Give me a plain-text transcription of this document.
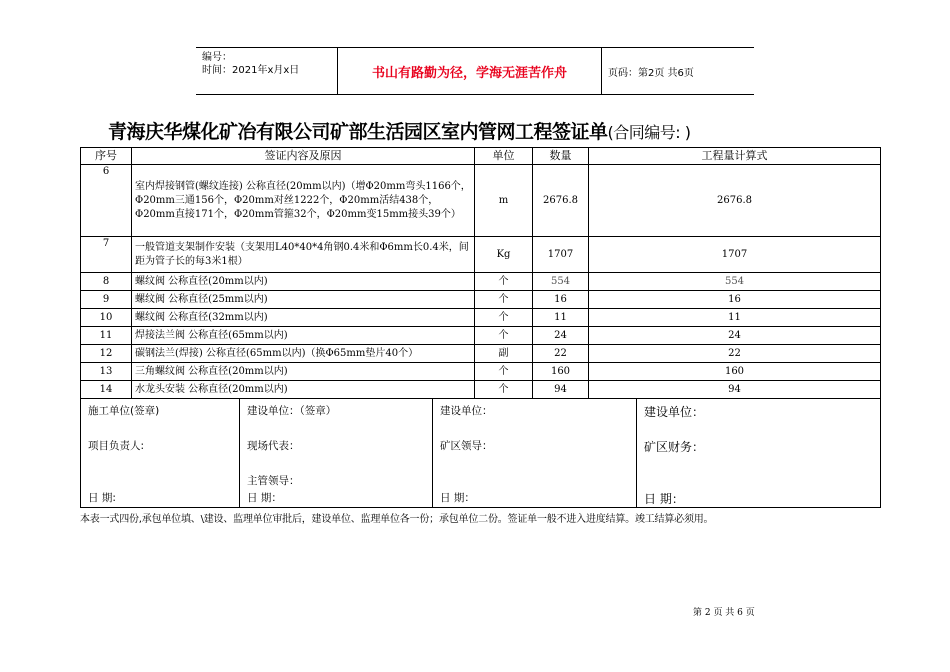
编号：
时间：2021年x月x日	书山有路勤为径，学海无涯苦作舟	页码：第2页 共6页
青海庆华煤化矿冶有限公司矿部生活园区室内管网工程签证单(合同编号: )
序号	签证内容及原因	单位	数量	工程量计算式
6	室内焊接钢管(螺纹连接) 公称直径(20mm以内)（增Φ20mm弯头1166个，Φ20mm三通156个，Φ20mm对丝1222个，Φ20mm活结438个，Φ20mm直接171个，Φ20mm管箍32个，Φ20mm变15mm接头39个）	m	2676.8	2676.8
7	一般管道支架制作安装（支架用L40*40*4角钢0.4米和Φ6mm长0.4米，间距为管子长的每3米1根）	Kg	1707	1707
8	螺纹阀 公称直径(20mm以内)	个	554	554
9	螺纹阀 公称直径(25mm以内)	个	16	16
10	螺纹阀 公称直径(32mm以内)	个	11	11
11	焊接法兰阀 公称直径(65mm以内)	个	24	24
12	碳钢法兰(焊接) 公称直径(65mm以内)（换Φ65mm垫片40个）	副	22	22
13	三角螺纹阀 公称直径(20mm以内)	个	160	160
14	水龙头安装 公称直径(20mm以内)	个	94	94
施工单位(签章)
项目负责人:
日 期:

建设单位：（签章）
现场代表：
主管领导：
日 期：

建设单位：
矿区领导：
日 期：

建设单位：
矿区财务：
日 期：
本表一式四份,承包单位填、\建设、监理单位审批后，建设单位、监理单位各一份；承包单位二份。签证单一般不进入进度结算。竣工结算必须用。
第 2 页 共 6 页
